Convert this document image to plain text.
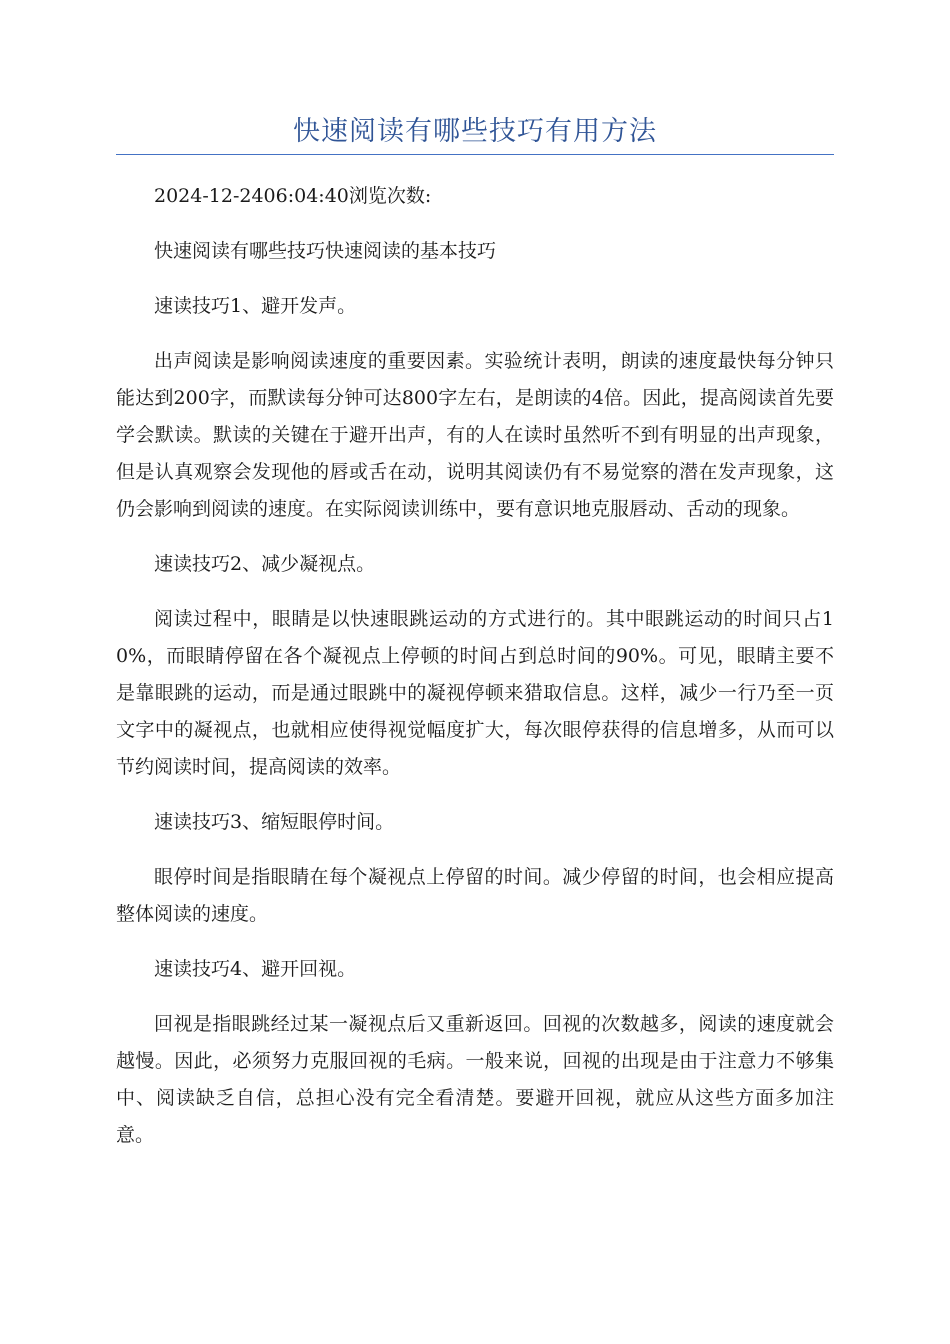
快速阅读有哪些技巧有用方法

2024-12-2406:04:40浏览次数:

快速阅读有哪些技巧快速阅读的基本技巧

速读技巧1、避开发声。

出声阅读是影响阅读速度的重要因素。实验统计表明，朗读的速度最快每分钟只能达到200字，而默读每分钟可达800字左右，是朗读的4倍。因此，提高阅读首先要学会默读。默读的关键在于避开出声，有的人在读时虽然听不到有明显的出声现象，但是认真观察会发现他的唇或舌在动，说明其阅读仍有不易觉察的潜在发声现象，这仍会影响到阅读的速度。在实际阅读训练中，要有意识地克服唇动、舌动的现象。

速读技巧2、减少凝视点。

阅读过程中，眼睛是以快速眼跳运动的方式进行的。其中眼跳运动的时间只占10%，而眼睛停留在各个凝视点上停顿的时间占到总时间的90%。可见，眼睛主要不是靠眼跳的运动，而是通过眼跳中的凝视停顿来猎取信息。这样，减少一行乃至一页文字中的凝视点，也就相应使得视觉幅度扩大，每次眼停获得的信息增多，从而可以节约阅读时间，提高阅读的效率。

速读技巧3、缩短眼停时间。

眼停时间是指眼睛在每个凝视点上停留的时间。减少停留的时间，也会相应提高整体阅读的速度。

速读技巧4、避开回视。

回视是指眼跳经过某一凝视点后又重新返回。回视的次数越多，阅读的速度就会越慢。因此，必须努力克服回视的毛病。一般来说，回视的出现是由于注意力不够集中、阅读缺乏自信，总担心没有完全看清楚。要避开回视，就应从这些方面多加注意。
